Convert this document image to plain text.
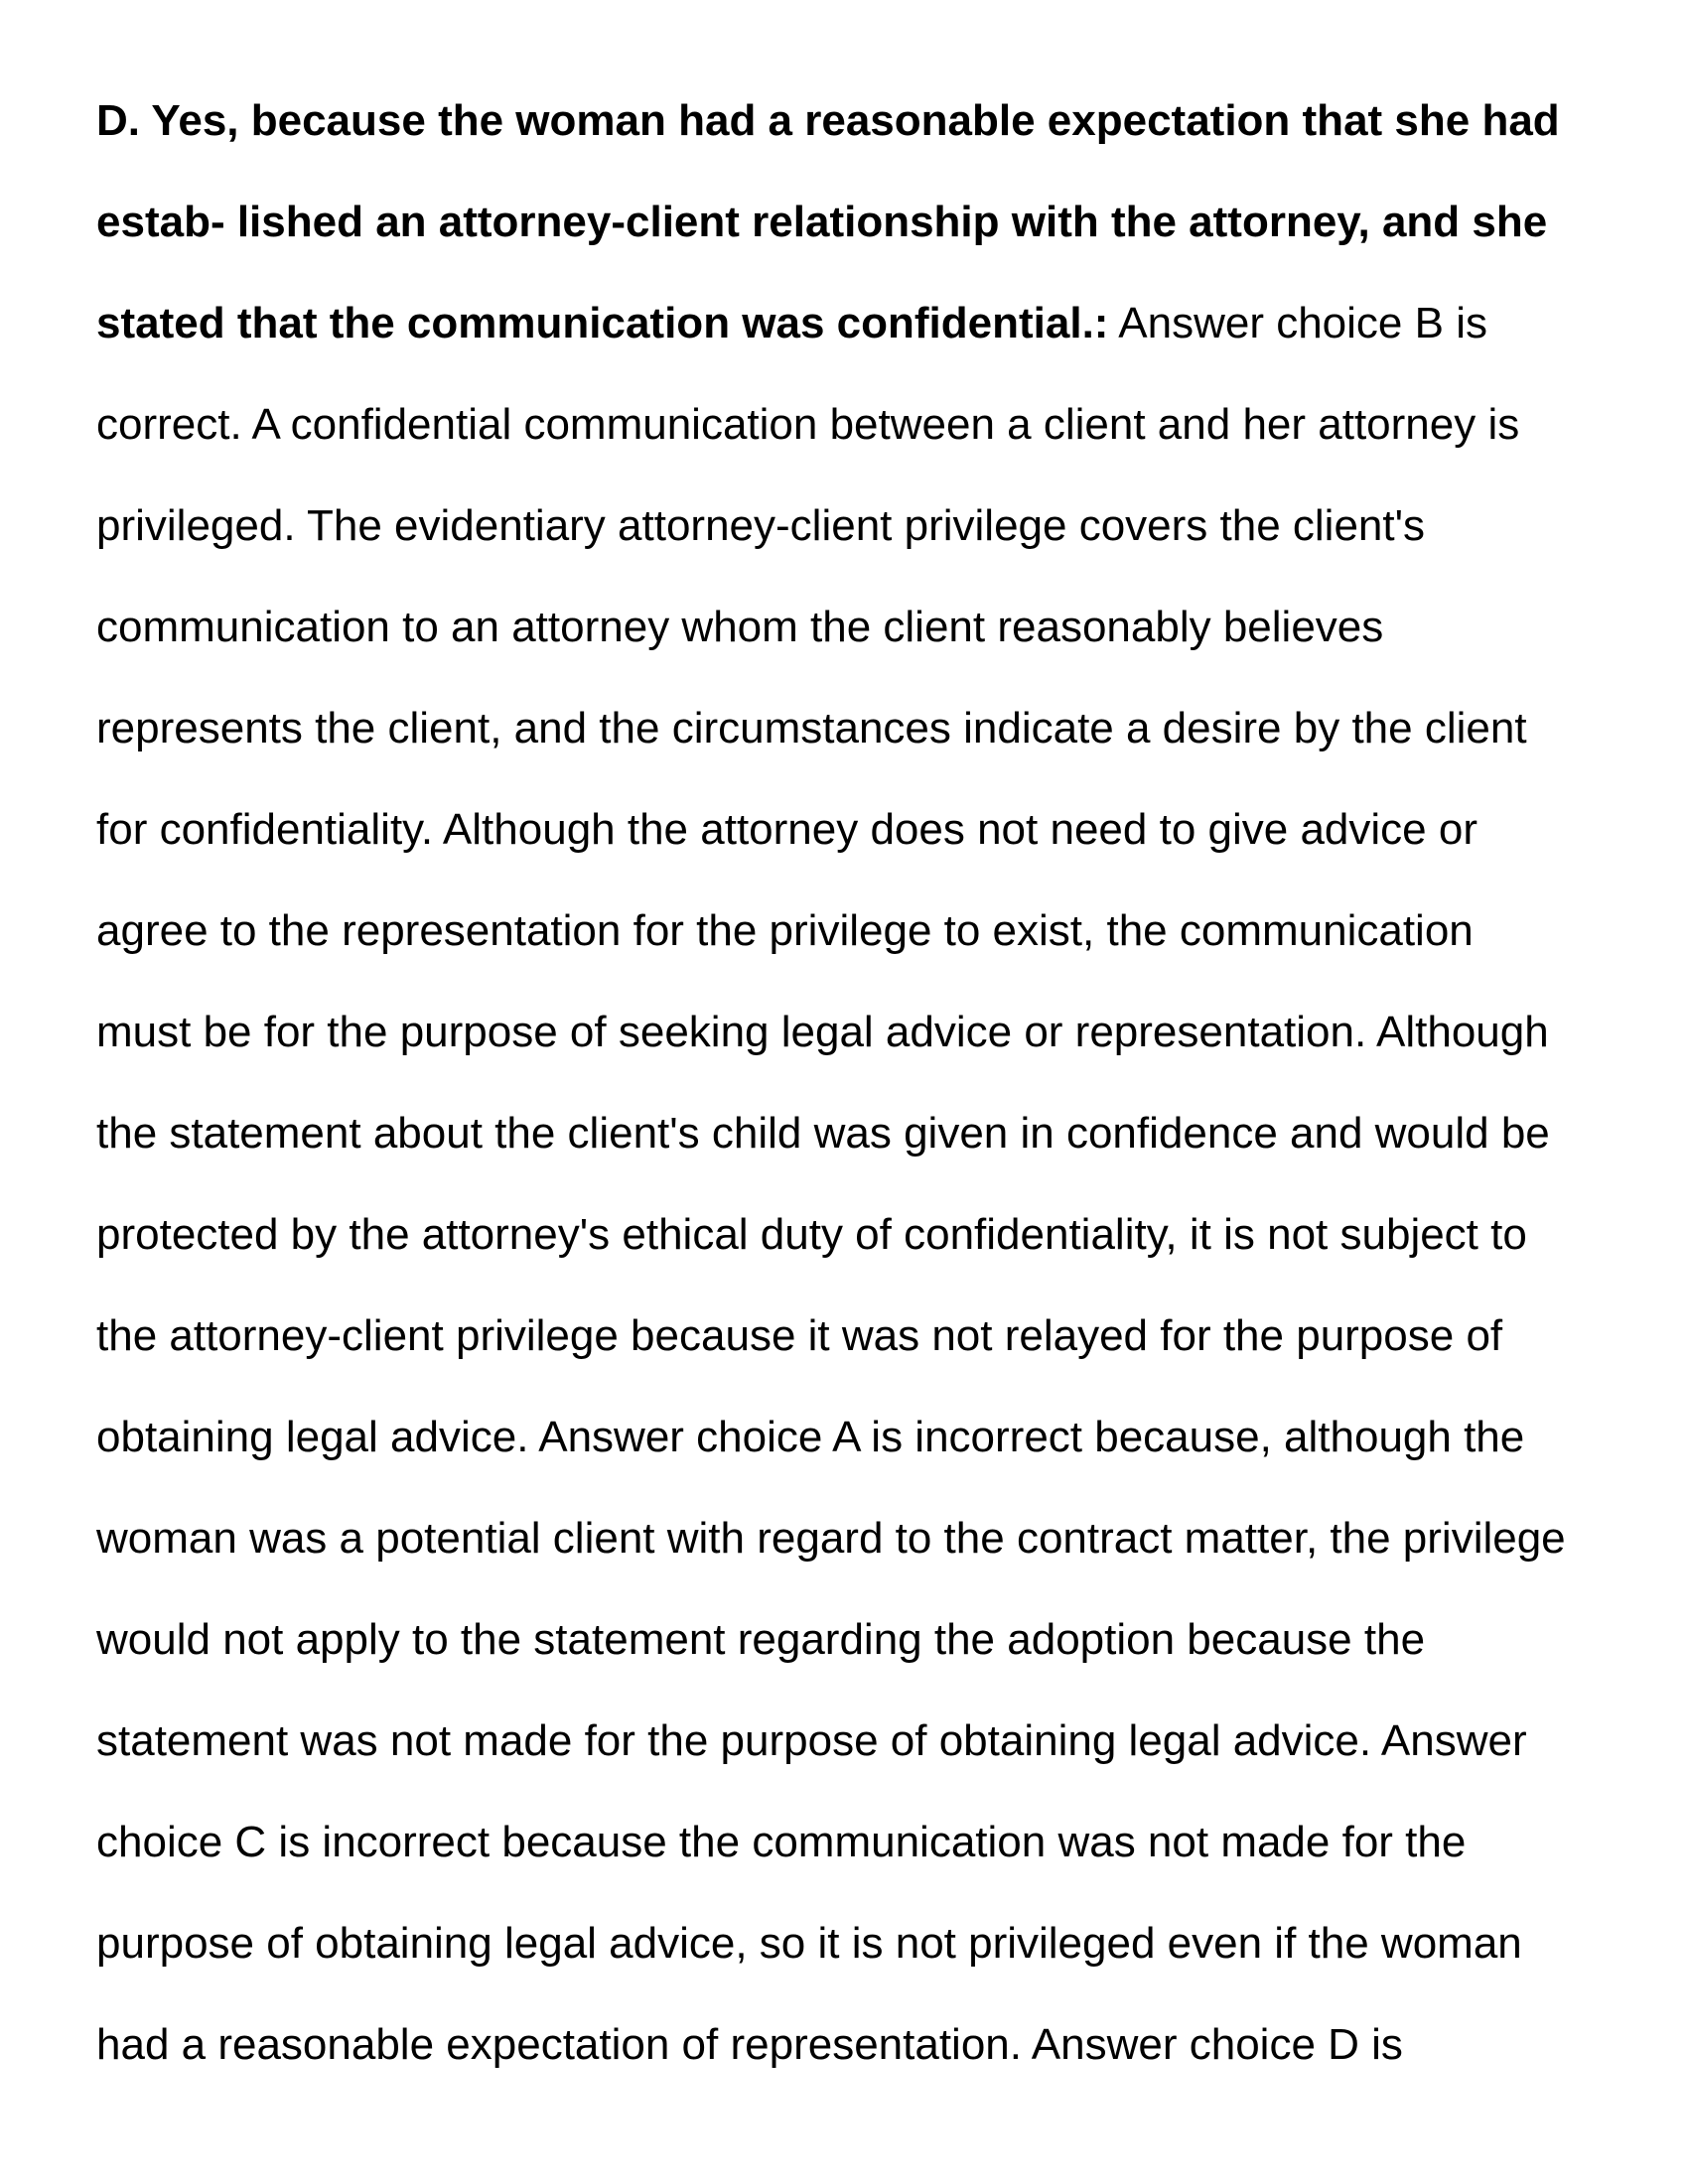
D. Yes, because the woman had a reasonable expectation that she had
estab- lished an attorney-client relationship with the attorney, and she
stated that the communication was confidential.: Answer choice B is
correct. A confidential communication between a client and her attorney is
privileged. The evidentiary attorney-client privilege covers the client's
communication to an attorney whom the client reasonably believes
represents the client, and the circumstances indicate a desire by the client
for confidentiality. Although the attorney does not need to give advice or
agree to the representation for the privilege to exist, the communication
must be for the purpose of seeking legal advice or representation. Although
the statement about the client's child was given in confidence and would be
protected by the attorney's ethical duty of confidentiality, it is not subject to
the attorney-client privilege because it was not relayed for the purpose of
obtaining legal advice. Answer choice A is incorrect because, although the
woman was a potential client with regard to the contract matter, the privilege
would not apply to the statement regarding the adoption because the
statement was not made for the purpose of obtaining legal advice. Answer
choice C is incorrect because the communication was not made for the
purpose of obtaining legal advice, so it is not privileged even if the woman
had a reasonable expectation of representation. Answer choice D is
